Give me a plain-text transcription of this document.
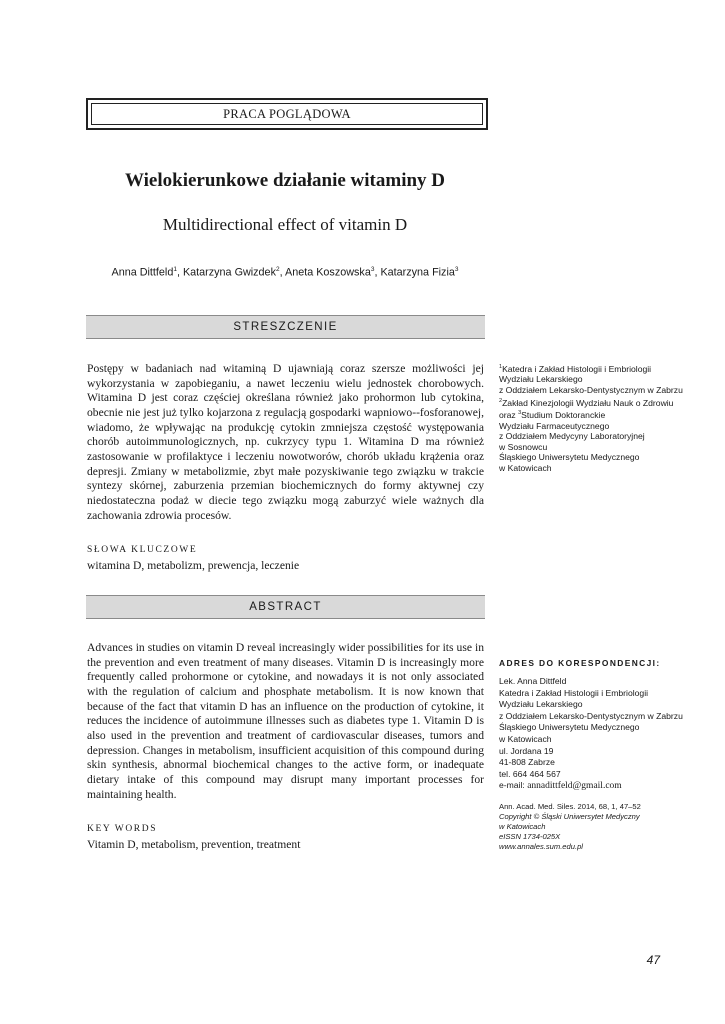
PRACA POGLĄDOWA
Wielokierunkowe działanie witaminy D
Multidirectional effect of vitamin D
Anna Dittfeld$^1$, Katarzyna Gwizdek$^2$, Aneta Koszowska$^3$, Katarzyna Fizia$^3$
STRESZCZENIE
Postępy w badaniach nad witaminą D ujawniają coraz szersze możliwości jej wykorzystania w zapobieganiu, a nawet leczeniu wielu jednostek chorobowych. Witamina D jest coraz częściej określana również jako prohormon lub cytokina, obecnie nie jest już tylko kojarzona z regulacją gospodarki wapniowo--fosforanowej, wiadomo, że wpływając na produkcję cytokin zmniejsza częstość występowania chorób autoimmunologicznych, np. cukrzycy typu 1. Witamina D ma również zastosowanie w profilaktyce i leczeniu nowotworów, chorób układu krążenia oraz depresji. Zmiany w metabolizmie, zbyt małe pozyskiwanie tego związku w trakcie syntezy skórnej, zaburzenia przemian biochemicznych do formy aktywnej czy niedostateczna podaż w diecie tego związku mogą zaburzyć wiele ważnych dla zachowania zdrowia procesów.
SŁOWA KLUCZOWE
witamina D, metabolizm, prewencja, leczenie
ABSTRACT
Advances in studies on vitamin D reveal increasingly wider possibilities for its use in the prevention and even treatment of many diseases. Vitamin D is increasingly more frequently called prohormone or cytokine, and nowadays it is not only associated with the regulation of calcium and phosphate metabolism. It is now known that because of the fact that vitamin D has an influence on the production of cytokine, it reduces the incidence of autoimmune illnesses such as diabetes type 1. Vitamin D is also used in the prevention and treatment of cardiovascular diseases, tumors and depression. Changes in metabolism, insufficient acquisition of this compound during skin synthesis, abnormal biochemical changes to the active form, or inadequate dietary intake of this compound may disrupt many important processes for maintaining health.
KEY WORDS
Vitamin D, metabolism, prevention, treatment
$^1$Katedra i Zakład Histologii i Embriologii
Wydziału Lekarskiego
z Oddziałem Lekarsko-Dentystycznym w Zabrzu
$^2$Zakład Kinezjologii Wydziału Nauk o Zdrowiu
oraz $^3$Studium Doktoranckie
Wydziału Farmaceutycznego
z Oddziałem Medycyny Laboratoryjnej
w Sosnowcu
Śląskiego Uniwersytetu Medycznego
w Katowicach
ADRES DO KORESPONDENCJI:
Lek. Anna Dittfeld
Katedra i Zakład Histologii i Embriologii
Wydziału Lekarskiego
z Oddziałem Lekarsko-Dentystycznym w Zabrzu
Śląskiego Uniwersytetu Medycznego
w Katowicach
ul. Jordana 19
41-808 Zabrze
tel. 664 464 567
e-mail: annadittfeld@gmail.com
Ann. Acad. Med. Siles. 2014, 68, 1, 47–52
Copyright © Śląski Uniwersytet Medyczny
w Katowicach
eISSN 1734-025X
www.annales.sum.edu.pl
47
